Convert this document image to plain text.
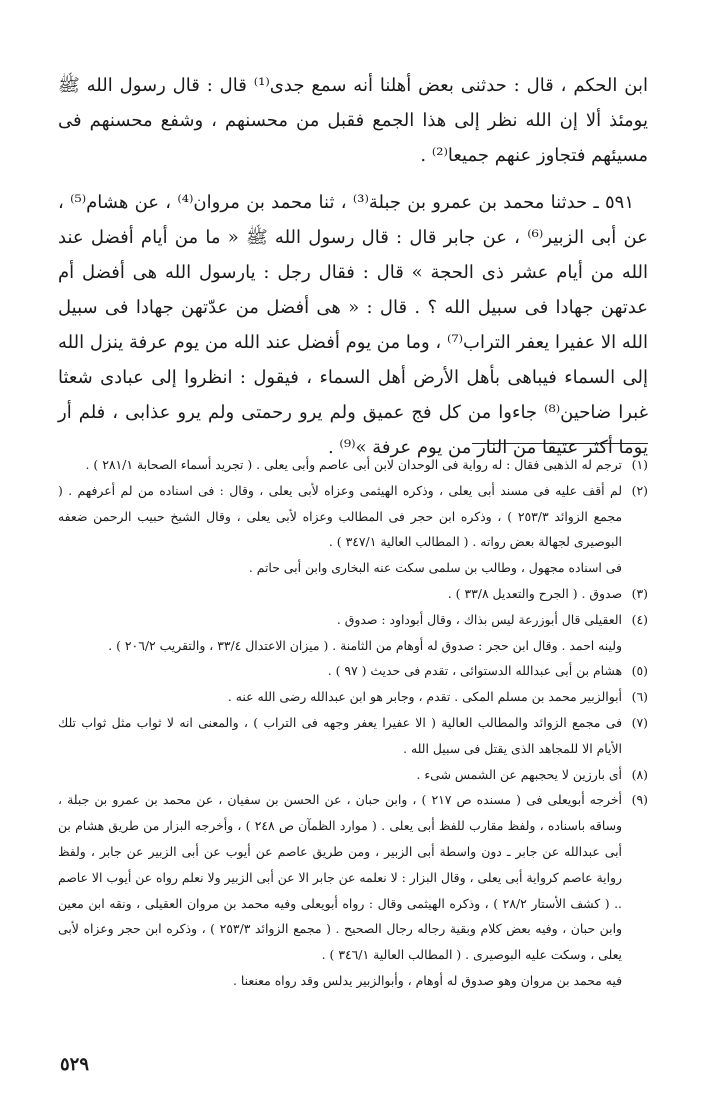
ابن الحكم ، قال : حدثنى بعض أهلنا أنه سمع جدى⁽¹⁾ قال : قال رسول الله ﷺ يومئذ ألا إن الله نظر إلى هذا الجمع فقبل من محسنهم ، وشفع محسنهم فى مسيئهم فتجاوز عنهم جميعا⁽²⁾ .

٥٩١ ـ حدثنا محمد بن عمرو بن جبلة⁽³⁾ ، ثنا محمد بن مروان⁽⁴⁾ ، عن هشام⁽⁵⁾ ، عن أبى الزبير⁽⁶⁾ ، عن جابر قال : قال رسول الله ﷺ « ما من أيام أفضل عند الله من أيام عشر ذى الحجة » قال : فقال رجل : يارسول الله هى أفضل أم عدتهن جهادا فى سبيل الله ؟ . قال : « هى أفضل من عدّتهن جهادا فى سبيل الله الا عفيرا يعفر التراب⁽⁷⁾ ، وما من يوم أفضل عند الله من يوم عرفة ينزل الله إلى السماء فيباهى بأهل الأرض أهل السماء ، فيقول : انظروا إلى عبادى شعثا غبرا ضاحين⁽⁸⁾ جاءوا من كل فج عميق ولم يرو رحمتى ولم يرو عذابى ، فلم أر يوما أكثر عتيقا من النار من يوم عرفة »⁽⁹⁾ .

(١)
ترجم له الذهبى فقال : له رواية فى الوحدان لابن أبى عاصم وأبى يعلى . ( تجريد أسماء الصحابة ٢٨١/١ ) .
(٢)
لم أقف عليه فى مسند أبى يعلى ، وذكره الهيثمى وعزاه لأبى يعلى ، وقال : فى اسناده من لم أعرفهم . ( مجمع الزوائد ٢٥٣/٣ ) ، وذكره ابن حجر فى المطالب وعزاه لأبى يعلى ، وقال الشيخ حبيب الرحمن ضعفه البوصيرى لجهالة بعض رواته . ( المطالب العالية ٣٤٧/١ ) .
فى اسناده مجهول ، وطالب بن سلمى سكت عنه البخارى وابن أبى حاتم .
(٣)
صدوق . ( الجرح والتعديل ٣٣/٨ ) .
(٤)
العقيلى قال أبوزرعة ليس بذاك ، وقال أبوداود : صدوق .
ولينه احمد . وقال ابن حجر : صدوق له أوهام من الثامنة . ( ميزان الاعتدال ٣٣/٤ ، والتقريب ٢٠٦/٢ ) .
(٥)
هشام بن أبى عبدالله الدستوائى ، تقدم فى حديث ( ٩٧ ) .
(٦)
أبوالزبير محمد بن مسلم المكى . تقدم ، وجابر هو ابن عبدالله رضى الله عنه .
(٧)
فى مجمع الزوائد والمطالب العالية ( الا عفيرا يعفر وجهه فى التراب ) ، والمعنى انه لا ثواب مثل ثواب تلك الأيام الا للمجاهد الذى يقتل فى سبيل الله .
(٨)
أى بارزين لا يحجبهم عن الشمس شىء .
(٩)
أخرجه أبويعلى فى ( مسنده ص ٢١٧ ) ، وابن حبان ، عن الحسن بن سفيان ، عن محمد بن عمرو بن جبلة ، وساقه باسناده ، ولفظ مقارب للفظ أبى يعلى . ( موارد الظمآن ص ٢٤٨ ) ، وأخرجه البزار من طريق هشام بن أبى عبدالله عن جابر ـ دون واسطة أبى الزبير ، ومن طريق عاصم عن أيوب عن أبى الزبير عن جابر ، ولفظ رواية عاصم كرواية أبى يعلى ، وقال البزار : لا نعلمه عن جابر الا عن أبى الزبير ولا نعلم رواه عن أيوب الا عاصم .. ( كشف الأستار ٢٨/٢ ) ، وذكره الهيثمى وقال : رواه أبويعلى وفيه محمد بن مروان العقيلى ، ونقه ابن معين وابن حبان ، وفيه بعض كلام وبقية رجاله رجال الصحيح . ( مجمع الزوائد ٢٥٣/٣ ) ، وذكره ابن حجر وعزاه لأبى يعلى ، وسكت عليه البوصيرى . ( المطالب العالية ٣٤٦/١ ) .
فيه محمد بن مروان وهو صدوق له أوهام ، وأبوالزبير يدلس وقد رواه معنعنا .
٥٢٩
